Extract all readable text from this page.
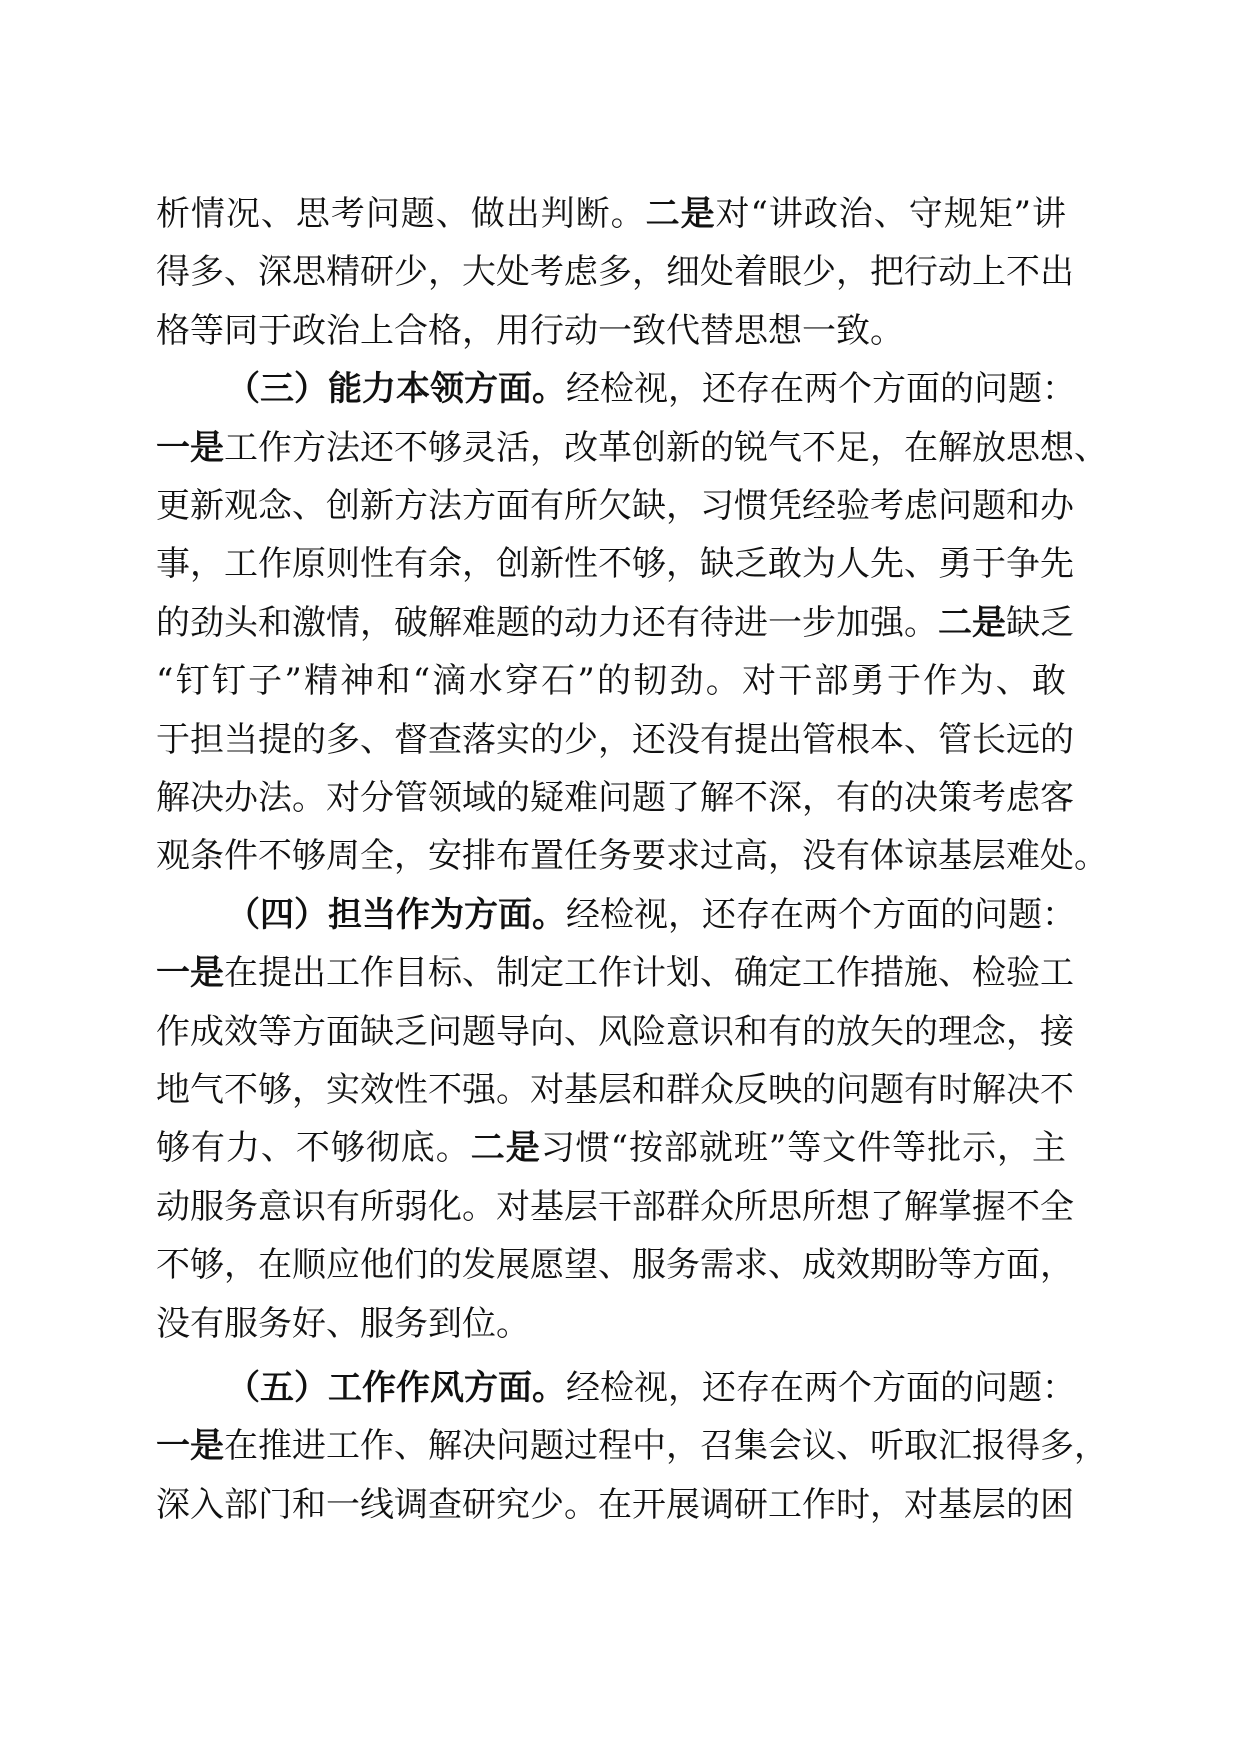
析情况、思考问题、做出判断。二是对“讲政治、守规矩”讲
得多、深思精研少，大处考虑多，细处着眼少，把行动上不出
格等同于政治上合格，用行动一致代替思想一致。
（三）能力本领方面。经检视，还存在两个方面的问题：
一是工作方法还不够灵活，改革创新的锐气不足，在解放思想、
更新观念、创新方法方面有所欠缺，习惯凭经验考虑问题和办
事，工作原则性有余，创新性不够，缺乏敢为人先、勇于争先
的劲头和激情，破解难题的动力还有待进一步加强。二是缺乏
“钉钉子”精神和“滴水穿石”的韧劲。对干部勇于作为、敢
于担当提的多、督查落实的少，还没有提出管根本、管长远的
解决办法。对分管领域的疑难问题了解不深，有的决策考虑客
观条件不够周全，安排布置任务要求过高，没有体谅基层难处。
（四）担当作为方面。经检视，还存在两个方面的问题：
一是在提出工作目标、制定工作计划、确定工作措施、检验工
作成效等方面缺乏问题导向、风险意识和有的放矢的理念，接
地气不够，实效性不强。对基层和群众反映的问题有时解决不
够有力、不够彻底。二是习惯“按部就班”等文件等批示，主
动服务意识有所弱化。对基层干部群众所思所想了解掌握不全
不够，在顺应他们的发展愿望、服务需求、成效期盼等方面，
没有服务好、服务到位。
（五）工作作风方面。经检视，还存在两个方面的问题：
一是在推进工作、解决问题过程中，召集会议、听取汇报得多，
深入部门和一线调查研究少。在开展调研工作时，对基层的困
